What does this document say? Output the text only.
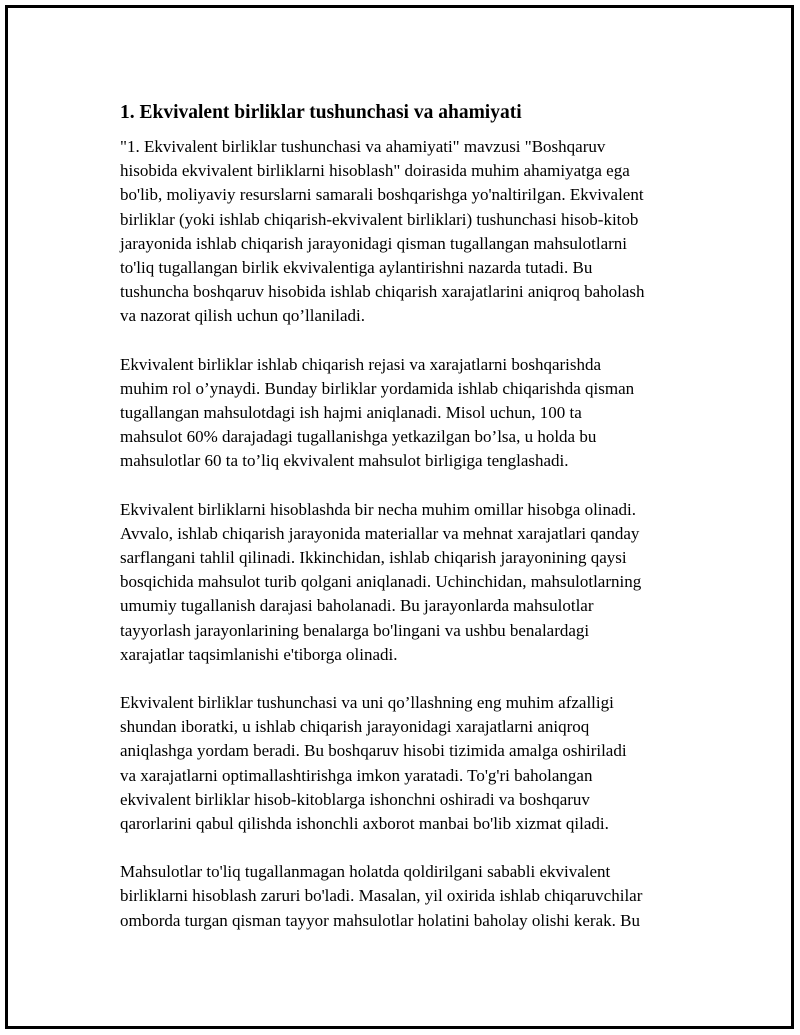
1. Ekvivalent birliklar tushunchasi va ahamiyati

"1. Ekvivalent birliklar tushunchasi va ahamiyati" mavzusi "Boshqaruv
hisobida ekvivalent birliklarni hisoblash" doirasida muhim ahamiyatga ega
bo'lib, moliyaviy resurslarni samarali boshqarishga yo'naltirilgan. Ekvivalent
birliklar (yoki ishlab chiqarish-ekvivalent birliklari) tushunchasi hisob-kitob
jarayonida ishlab chiqarish jarayonidagi qisman tugallangan mahsulotlarni
to'liq tugallangan birlik ekvivalentiga aylantirishni nazarda tutadi. Bu
tushuncha boshqaruv hisobida ishlab chiqarish xarajatlarini aniqroq baholash
va nazorat qilish uchun qo’llaniladi.

Ekvivalent birliklar ishlab chiqarish rejasi va xarajatlarni boshqarishda
muhim rol o’ynaydi. Bunday birliklar yordamida ishlab chiqarishda qisman
tugallangan mahsulotdagi ish hajmi aniqlanadi. Misol uchun, 100 ta
mahsulot 60% darajadagi tugallanishga yetkazilgan bo’lsa, u holda bu
mahsulotlar 60 ta to’liq ekvivalent mahsulot birligiga tenglashadi.

Ekvivalent birliklarni hisoblashda bir necha muhim omillar hisobga olinadi.
Avvalo, ishlab chiqarish jarayonida materiallar va mehnat xarajatlari qanday
sarflangani tahlil qilinadi. Ikkinchidan, ishlab chiqarish jarayonining qaysi
bosqichida mahsulot turib qolgani aniqlanadi. Uchinchidan, mahsulotlarning
umumiy tugallanish darajasi baholanadi. Bu jarayonlarda mahsulotlar
tayyorlash jarayonlarining benalarga bo'lingani va ushbu benalardagi
xarajatlar taqsimlanishi e'tiborga olinadi.

Ekvivalent birliklar tushunchasi va uni qo’llashning eng muhim afzalligi
shundan iboratki, u ishlab chiqarish jarayonidagi xarajatlarni aniqroq
aniqlashga yordam beradi. Bu boshqaruv hisobi tizimida amalga oshiriladi
va xarajatlarni optimallashtirishga imkon yaratadi. To'g'ri baholangan
ekvivalent birliklar hisob-kitoblarga ishonchni oshiradi va boshqaruv
qarorlarini qabul qilishda ishonchli axborot manbai bo'lib xizmat qiladi.

Mahsulotlar to'liq tugallanmagan holatda qoldirilgani sababli ekvivalent
birliklarni hisoblash zaruri bo'ladi. Masalan, yil oxirida ishlab chiqaruvchilar
omborda turgan qisman tayyor mahsulotlar holatini baholay olishi kerak. Bu
